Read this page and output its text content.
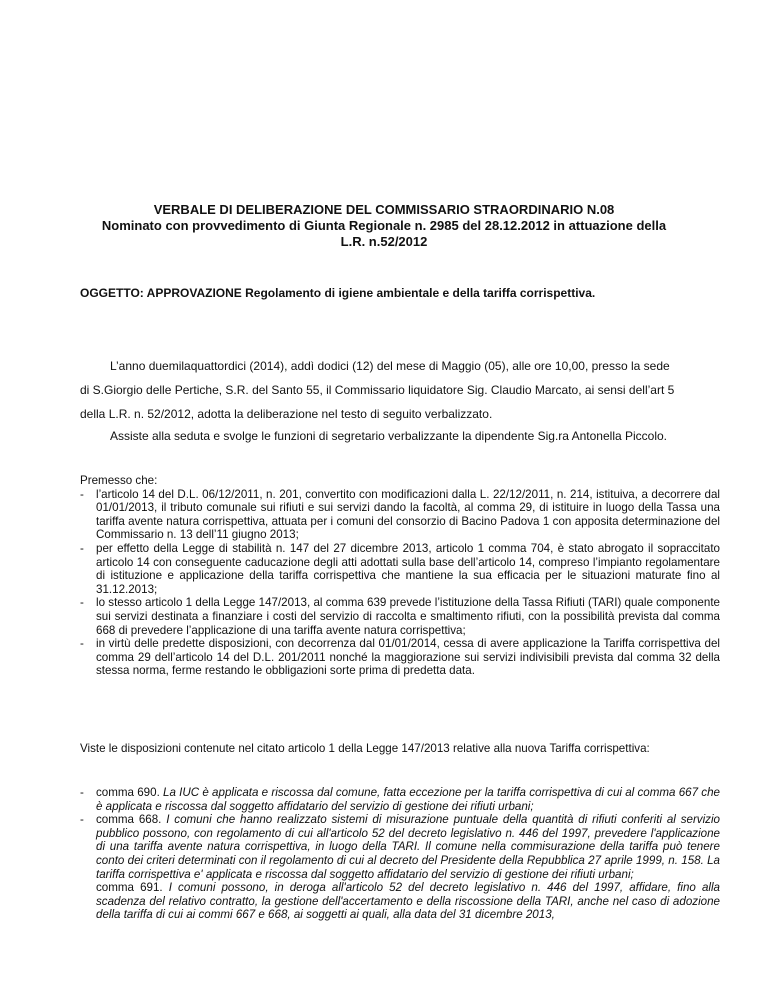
VERBALE DI DELIBERAZIONE DEL COMMISSARIO STRAORDINARIO N.08
Nominato con provvedimento di Giunta Regionale n. 2985 del 28.12.2012 in attuazione della
L.R. n.52/2012
OGGETTO: APPROVAZIONE Regolamento di igiene ambientale e della tariffa corrispettiva.

L’anno duemilaquattordici (2014), addì dodici (12) del mese di Maggio (05), alle ore 10,00, presso la sede

di S.Giorgio delle Pertiche, S.R. del Santo 55, il Commissario liquidatore Sig. Claudio Marcato, ai sensi dell’art 5

della L.R. n. 52/2012, adotta la deliberazione nel testo di seguito verbalizzato.

Assiste alla seduta e svolge le funzioni di segretario verbalizzante la dipendente Sig.ra Antonella Piccolo.

Premesso che:

- l’articolo 14 del D.L. 06/12/2011, n. 201, convertito con modificazioni dalla L. 22/12/2011, n. 214, istituiva, a decorrere dal 01/01/2013, il tributo comunale sui rifiuti e sui servizi dando la facoltà, al comma 29, di istituire in luogo della Tassa una tariffa avente natura corrispettiva, attuata per i comuni del consorzio di Bacino Padova 1 con apposita determinazione del Commissario n. 13 dell’11 giugno 2013;
- per effetto della Legge di stabilità n. 147 del 27 dicembre 2013, articolo 1 comma 704, è stato abrogato il sopraccitato articolo 14 con conseguente caducazione degli atti adottati sulla base dell’articolo 14, compreso l’impianto regolamentare di istituzione e applicazione della tariffa corrispettiva che mantiene la sua efficacia per le situazioni maturate fino al 31.12.2013;
- lo stesso articolo 1 della Legge 147/2013, al comma 639 prevede l’istituzione della Tassa Rifiuti (TARI) quale componente sui servizi destinata a finanziare i costi del servizio di raccolta e smaltimento rifiuti, con la possibilità prevista dal comma 668 di prevedere l’applicazione di una tariffa avente natura corrispettiva;
- in virtù delle predette disposizioni, con decorrenza dal 01/01/2014, cessa di avere applicazione la Tariffa corrispettiva del comma 29 dell’articolo 14 del D.L. 201/2011 nonché la maggiorazione sui servizi indivisibili prevista dal comma 32 della stessa norma, ferme restando le obbligazioni sorte prima di predetta data.
Viste le disposizioni contenute nel citato articolo 1 della Legge 147/2013 relative alla nuova Tariffa corrispettiva:
- comma 690. La IUC è applicata e riscossa dal comune, fatta eccezione per la tariffa corrispettiva di cui al comma 667 che è applicata e riscossa dal soggetto affidatario del servizio di gestione dei rifiuti urbani;
- comma 668. I comuni che hanno realizzato sistemi di misurazione puntuale della quantità di rifiuti conferiti al servizio pubblico possono, con regolamento di cui all'articolo 52 del decreto legislativo n. 446 del 1997, prevedere l'applicazione di una tariffa avente natura corrispettiva, in luogo della TARI. Il comune nella commisurazione della tariffa può tenere conto dei criteri determinati con il regolamento di cui al decreto del Presidente della Repubblica 27 aprile 1999, n. 158. La tariffa corrispettiva e' applicata e riscossa dal soggetto affidatario del servizio di gestione dei rifiuti urbani;
comma 691. I comuni possono, in deroga all'articolo 52 del decreto legislativo n. 446 del 1997, affidare, fino alla scadenza del relativo contratto, la gestione dell'accertamento e della riscossione della TARI, anche nel caso di adozione della tariffa di cui ai commi 667 e 668, ai soggetti ai quali, alla data del 31 dicembre 2013,
